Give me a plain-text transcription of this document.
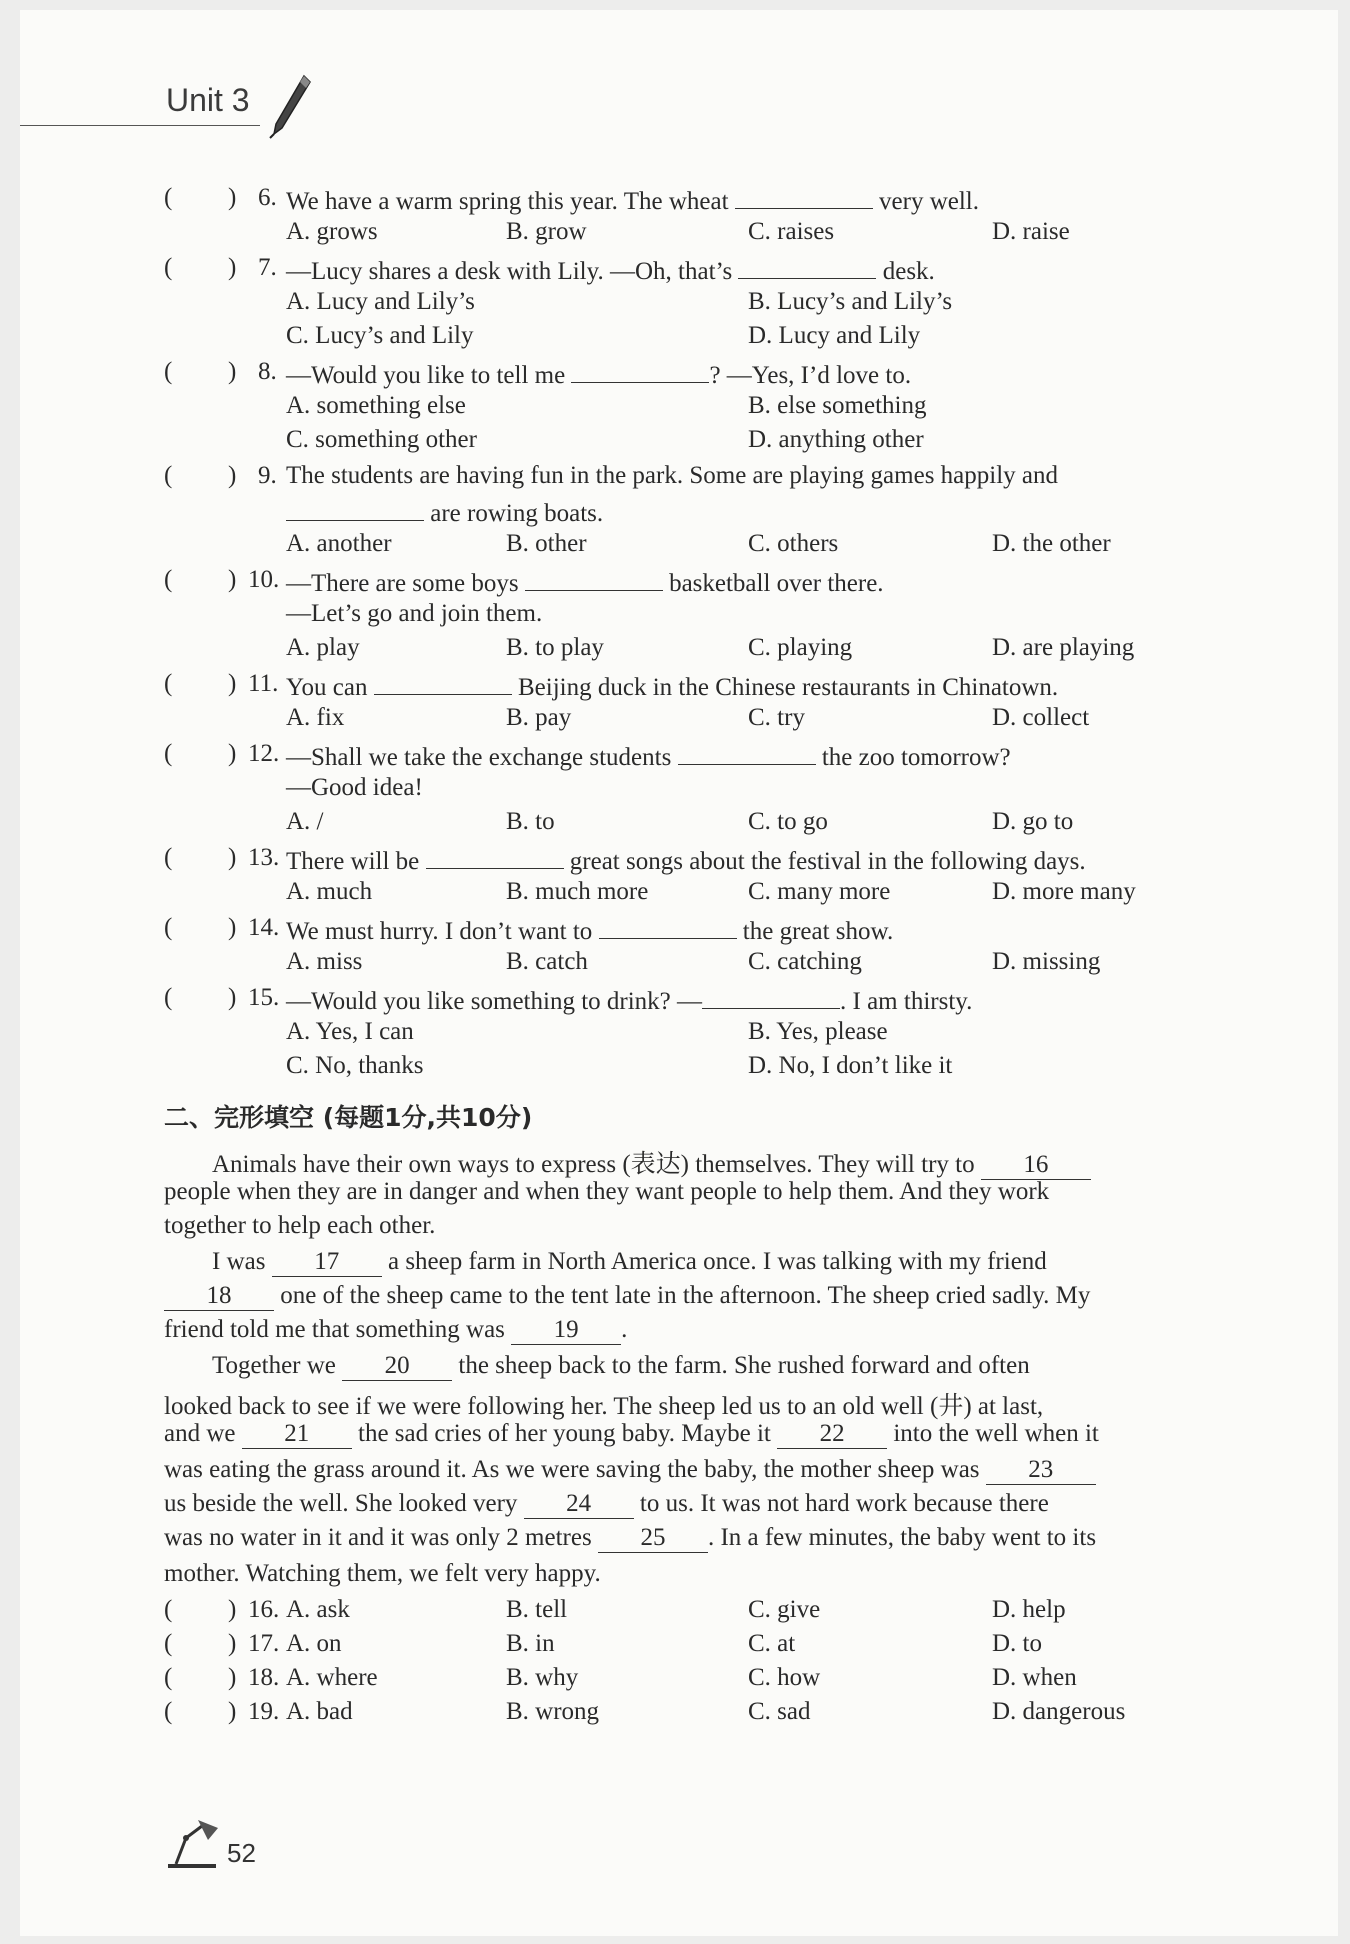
Unit 3
( ) 6. We have a warm spring this year. The wheat	very well.
A. grows	B. grow	C. raises	D. raise
( ) 7. —Lucy shares a desk with Lily. —Oh, that’s	desk.
A. Lucy and Lily’s	B. Lucy’s and Lily’s
C. Lucy’s and Lily	D. Lucy and Lily
( ) 8. —Would you like to tell me	? —Yes, I’d love to.
A. something else	B. else something
C. something other	D. anything other
( ) 9. The students are having fun in the park. Some are playing games happily and
are rowing boats.
A. another	B. other	C. others	D. the other
( ) 10. —There are some boys	basketball over there.
—Let’s go and join them.
A. play	B. to play	C. playing	D. are playing
( ) 11. You can	Beijing duck in the Chinese restaurants in Chinatown.
A. fix	B. pay	C. try	D. collect
( ) 12. —Shall we take the exchange students	the zoo tomorrow?
—Good idea!
A. /	B. to	C. to go	D. go to
( ) 13. There will be	great songs about the festival in the following days.
A. much	B. much more	C. many more	D. more many
( ) 14. We must hurry. I don’t want to	the great show.
A. miss	B. catch	C. catching	D. missing
( ) 15. —Would you like something to drink? —	. I am thirsty.
A. Yes, I can	B. Yes, please
C. No, thanks	D. No, I don’t like it
二、完形填空 (每题1分,共10分)
Animals have their own ways to express (表达) themselves. They will try to 16
people when they are in danger and when they want people to help them. And they work
together to help each other.
I was 17 a sheep farm in North America once. I was talking with my friend
18 one of the sheep came to the tent late in the afternoon. The sheep cried sadly. My
friend told me that something was 19 .
Together we 20 the sheep back to the farm. She rushed forward and often
looked back to see if we were following her. The sheep led us to an old well (井) at last,
and we 21 the sad cries of her young baby. Maybe it 22 into the well when it
was eating the grass around it. As we were saving the baby, the mother sheep was 23
us beside the well. She looked very 24 to us. It was not hard work because there
was no water in it and it was only 2 metres 25 . In a few minutes, the baby went to its
mother. Watching them, we felt very happy.
( ) 16. A. ask	B. tell	C. give	D. help
( ) 17. A. on	B. in	C. at	D. to
( ) 18. A. where	B. why	C. how	D. when
( ) 19. A. bad	B. wrong	C. sad	D. dangerous
52
